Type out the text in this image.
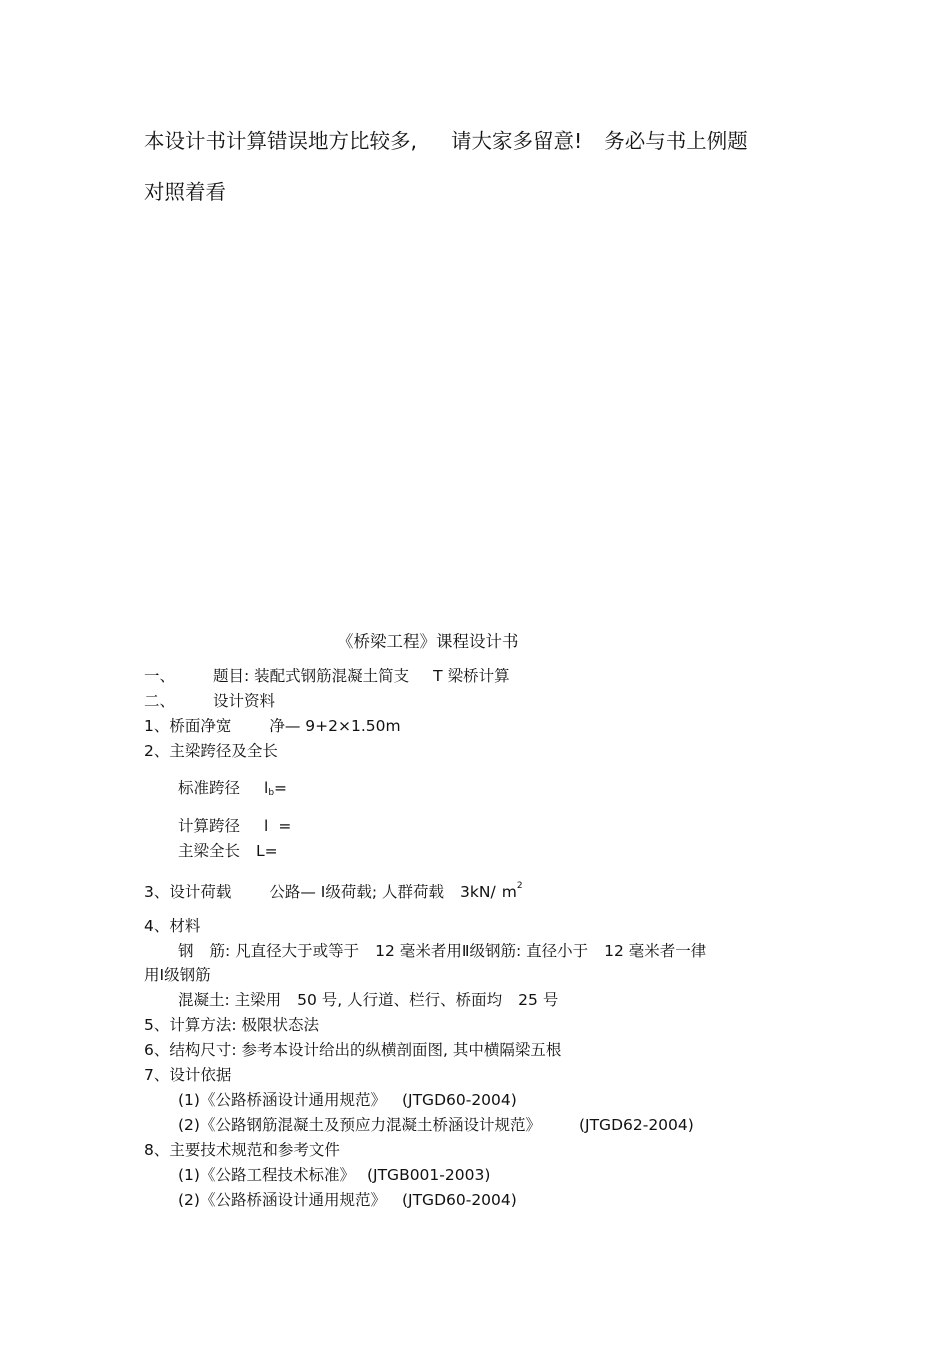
本设计书计算错误地方比较多, 请大家多留意! 务必与书上例题
对照着看
《桥梁工程》课程设计书
一、 题目: 装配式钢筋混凝土简支 T 梁桥计算
二、 设计资料
1、桥面净宽 净— 9+2×1.50m
2、主梁跨径及全长
标准跨径 $l_b=$
计算跨径 l =
主梁全长 L=
3、设计荷载 公路— Ⅰ级荷载; 人群荷载 3kN∕ $m^2$
4、材料
钢 筋: 凡直径大于或等于 12 毫米者用Ⅱ级钢筋: 直径小于 12 毫米者一律
用Ⅰ级钢筋
混凝土: 主梁用 50 号, 人行道、栏行、桥面均 25 号
5、计算方法: 极限状态法
6、结构尺寸: 参考本设计给出的纵横剖面图, 其中横隔梁五根
7、设计依据
(1)《公路桥涵设计通用规范》 (JTGD60-2004)
(2)《公路钢筋混凝土及预应力混凝土桥涵设计规范》 (JTGD62-2004)
8、主要技术规范和参考文件
(1)《公路工程技术标准》 (JTGB001-2003)
(2)《公路桥涵设计通用规范》 (JTGD60-2004)
